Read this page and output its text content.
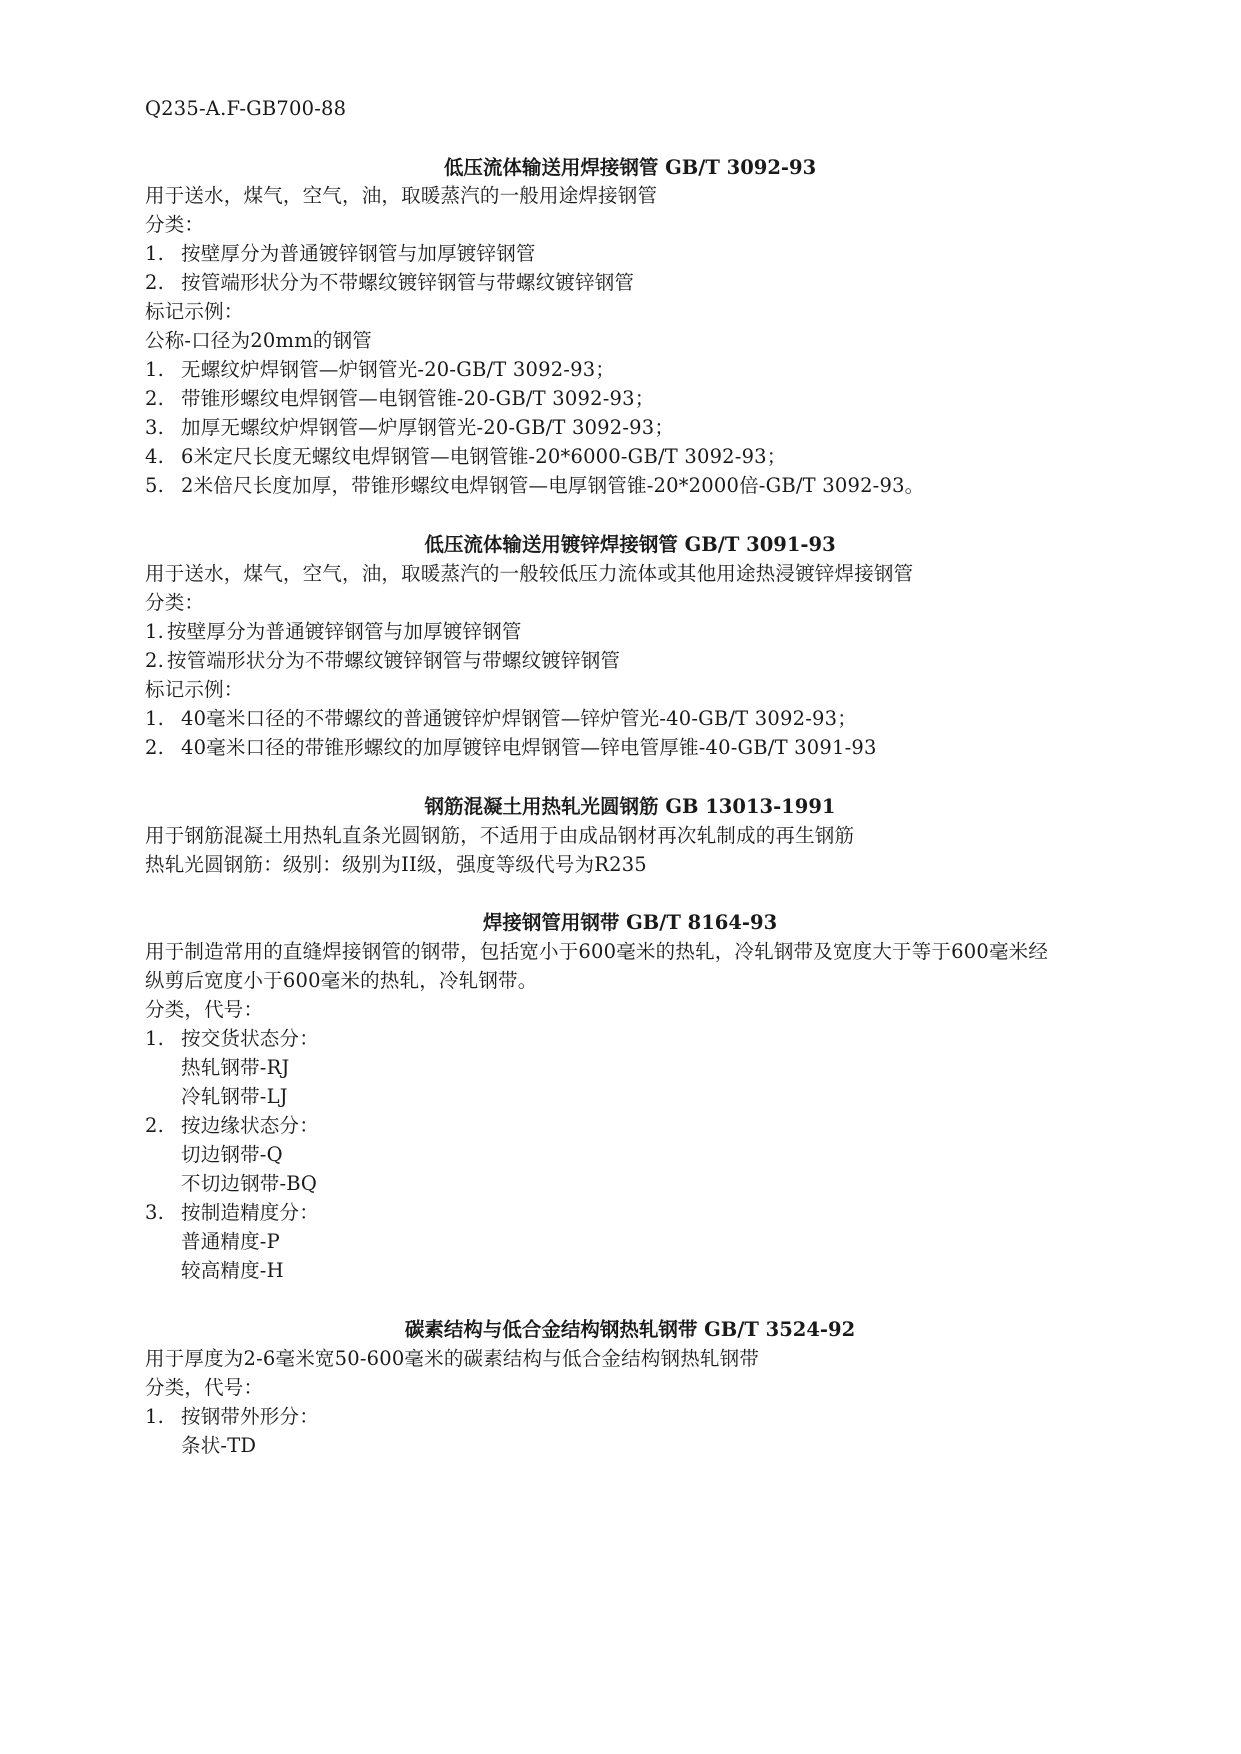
Q235-A.F-GB700-88
低压流体输送用焊接钢管 GB/T 3092-93
用于送水，煤气，空气，油，取暖蒸汽的一般用途焊接钢管
分类：
1. 按壁厚分为普通镀锌钢管与加厚镀锌钢管
2. 按管端形状分为不带螺纹镀锌钢管与带螺纹镀锌钢管
标记示例：
公称-口径为20mm的钢管
1. 无螺纹炉焊钢管—炉钢管光-20-GB/T 3092-93；
2. 带锥形螺纹电焊钢管—电钢管锥-20-GB/T 3092-93；
3. 加厚无螺纹炉焊钢管—炉厚钢管光-20-GB/T 3092-93；
4. 6米定尺长度无螺纹电焊钢管—电钢管锥-20*6000-GB/T 3092-93；
5. 2米倍尺长度加厚，带锥形螺纹电焊钢管—电厚钢管锥-20*2000倍-GB/T 3092-93。
低压流体输送用镀锌焊接钢管 GB/T 3091-93
用于送水，煤气，空气，油，取暖蒸汽的一般较低压力流体或其他用途热浸镀锌焊接钢管
分类：
1. 按壁厚分为普通镀锌钢管与加厚镀锌钢管
2. 按管端形状分为不带螺纹镀锌钢管与带螺纹镀锌钢管
标记示例：
1. 40毫米口径的不带螺纹的普通镀锌炉焊钢管—锌炉管光-40-GB/T 3092-93；
2. 40毫米口径的带锥形螺纹的加厚镀锌电焊钢管—锌电管厚锥-40-GB/T 3091-93
钢筋混凝土用热轧光圆钢筋 GB 13013-1991
用于钢筋混凝土用热轧直条光圆钢筋，不适用于由成品钢材再次轧制成的再生钢筋
热轧光圆钢筋：级别：级别为II级，强度等级代号为R235
焊接钢管用钢带 GB/T 8164-93
用于制造常用的直缝焊接钢管的钢带，包括宽小于600毫米的热轧，冷轧钢带及宽度大于等于600毫米经
纵剪后宽度小于600毫米的热轧，冷轧钢带。
分类，代号：
1. 按交货状态分：
热轧钢带-RJ
冷轧钢带-LJ
2. 按边缘状态分：
切边钢带-Q
不切边钢带-BQ
3. 按制造精度分：
普通精度-P
较高精度-H
碳素结构与低合金结构钢热轧钢带 GB/T 3524-92
用于厚度为2-6毫米宽50-600毫米的碳素结构与低合金结构钢热轧钢带
分类，代号：
1. 按钢带外形分：
条状-TD
